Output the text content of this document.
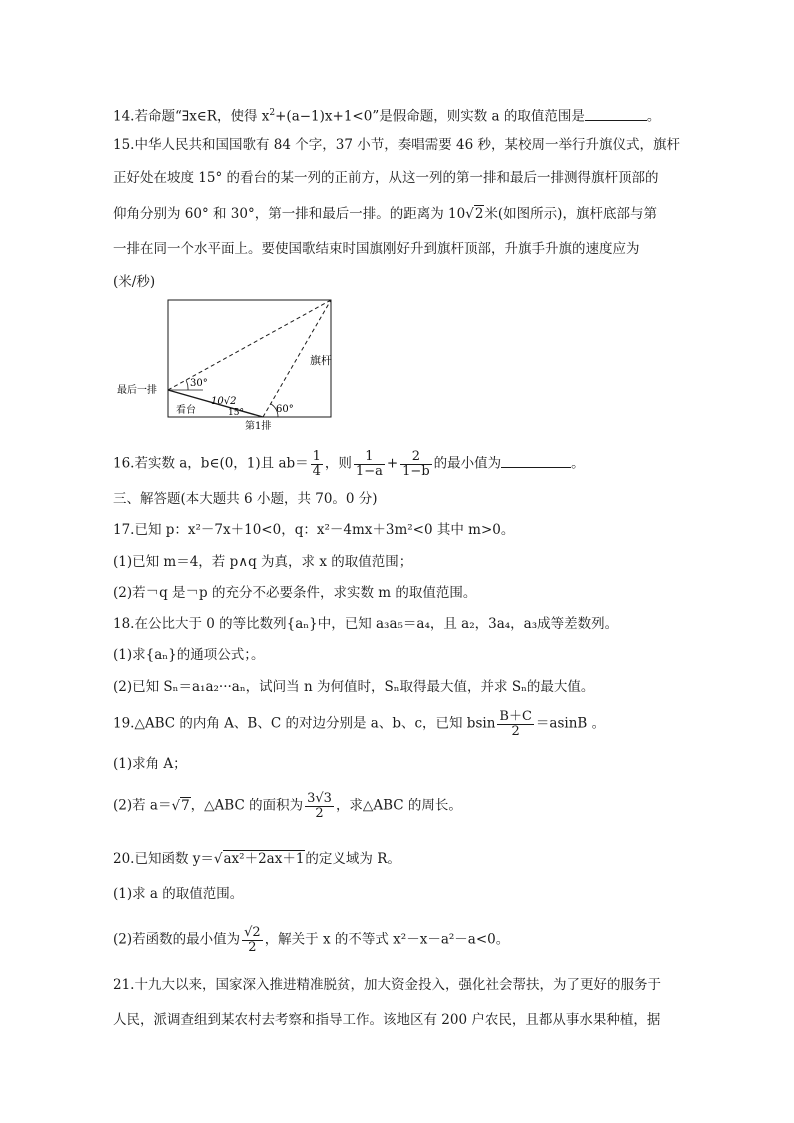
14.若命题“∃x∈R，使得 $x^2+(a-1)x+1<0$”是假命题，则实数 a 的取值范围是	。
15.中华人民共和国国歌有 84 个字，37 小节，奏唱需要 46 秒，某校周一举行升旗仪式，旗杆
正好处在坡度 15° 的看台的某一列的正前方，从这一列的第一排和最后一排测得旗杆顶部的
仰角分别为 60° 和 30°，第一排和最后一排。的距离为 10√2米(如图所示)，旗杆底部与第
一排在同一个水平面上。要使国歌结束时国旗刚好升到旗杆顶部，升旗手升旗的速度应为
(米/秒)
最后一排
30°
旗杆
10√2
看台	15°	60°
第1排
16.若实数 a，b∈(0，1)且 $ab= \frac{1}{4}$ ，则 $\frac{1}{1-a} + \frac{2}{1-b}$ 的最小值为	。
三、解答题(本大题共 6 小题，共 70。0 分)
17.已知 p：x²－7x＋10<0，q：x²－4mx＋3m²<0 其中 m>0。
(1)已知 m＝4，若 p∧q 为真，求 x 的取值范围；
(2)若￢q 是￢p 的充分不必要条件，求实数 m 的取值范围。
18.在公比大于 0 的等比数列{aₙ}中，已知 a₃a₅＝a₄，且 a₂，3a₄，a₃成等差数列。
(1)求{aₙ}的通项公式；。
(2)已知 Sₙ＝a₁a₂···aₙ，试问当 n 为何值时，Sₙ取得最大值，并求 Sₙ的最大值。
19.△ABC 的内角 A、B、C 的对边分别是 a、b、c，已知 bsin $\frac{B+C}{2} =asinB$ 。
(1)求角 A；
(2)若 a＝√7，△ABC 的面积为 $\frac{3√3}{2}$ ，求△ABC 的周长。
20.已知函数 y＝√ax²＋2ax＋1的定义域为 R。
(1)求 a 的取值范围。
(2)若函数的最小值为 $\frac{√2}{2}$ ，解关于 x 的不等式 x²－x－a²－a<0。
21.十九大以来，国家深入推进精准脱贫，加大资金投入，强化社会帮扶，为了更好的服务于
人民，派调查组到某农村去考察和指导工作。该地区有 200 户农民，且都从事水果种植，据
